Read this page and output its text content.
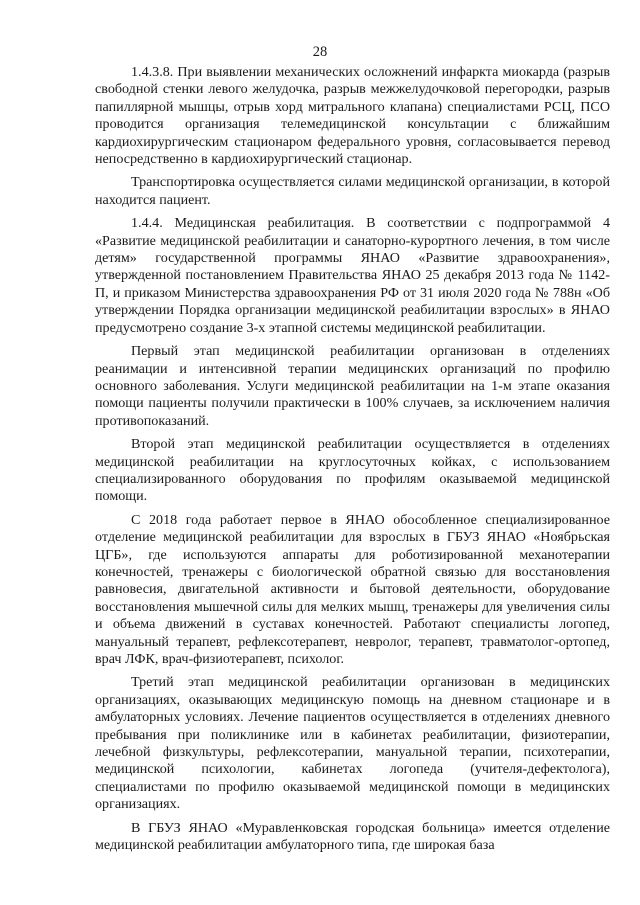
28

1.4.3.8. При выявлении механических осложнений инфаркта миокарда (разрыв свободной стенки левого желудочка, разрыв межжелудочковой перегородки, разрыв папиллярной мышцы, отрыв хорд митрального клапана) специалистами РСЦ, ПСО проводится организация телемедицинской консультации с ближайшим кардиохирургическим стационаром федерального уровня, согласовывается перевод непосредственно в кардиохирургический стационар.

Транспортировка осуществляется силами медицинской организации, в которой находится пациент.

1.4.4. Медицинская реабилитация. В соответствии с подпрограммой 4 «Развитие медицинской реабилитации и санаторно-курортного лечения, в том числе детям» государственной программы ЯНАО «Развитие здравоохранения», утвержденной постановлением Правительства ЯНАО 25 декабря 2013 года № 1142-П, и приказом Министерства здравоохранения РФ от 31 июля 2020 года № 788н «Об утверждении Порядка организации медицинской реабилитации взрослых» в ЯНАО предусмотрено создание 3-х этапной системы медицинской реабилитации.

Первый этап медицинской реабилитации организован в отделениях реанимации и интенсивной терапии медицинских организаций по профилю основного заболевания. Услуги медицинской реабилитации на 1-м этапе оказания помощи пациенты получили практически в 100% случаев, за исключением наличия противопоказаний.

Второй этап медицинской реабилитации осуществляется в отделениях медицинской реабилитации на круглосуточных койках, с использованием специализированного оборудования по профилям оказываемой медицинской помощи.

С 2018 года работает первое в ЯНАО обособленное специализированное отделение медицинской реабилитации для взрослых в ГБУЗ ЯНАО «Ноябрьская ЦГБ», где используются аппараты для роботизированной механотерапии конечностей, тренажеры с биологической обратной связью для восстановления равновесия, двигательной активности и бытовой деятельности, оборудование восстановления мышечной силы для мелких мышц, тренажеры для увеличения силы и объема движений в суставах конечностей. Работают специалисты логопед, мануальный терапевт, рефлексотерапевт, невролог, терапевт, травматолог-ортопед, врач ЛФК, врач-физиотерапевт, психолог.

Третий этап медицинской реабилитации организован в медицинских организациях, оказывающих медицинскую помощь на дневном стационаре и в амбулаторных условиях. Лечение пациентов осуществляется в отделениях дневного пребывания при поликлинике или в кабинетах реабилитации, физиотерапии, лечебной физкультуры, рефлексотерапии, мануальной терапии, психотерапии, медицинской психологии, кабинетах логопеда (учителя-дефектолога), специалистами по профилю оказываемой медицинской помощи в медицинских организациях.

В ГБУЗ ЯНАО «Муравленковская городская больница» имеется отделение медицинской реабилитации амбулаторного типа, где широкая база
